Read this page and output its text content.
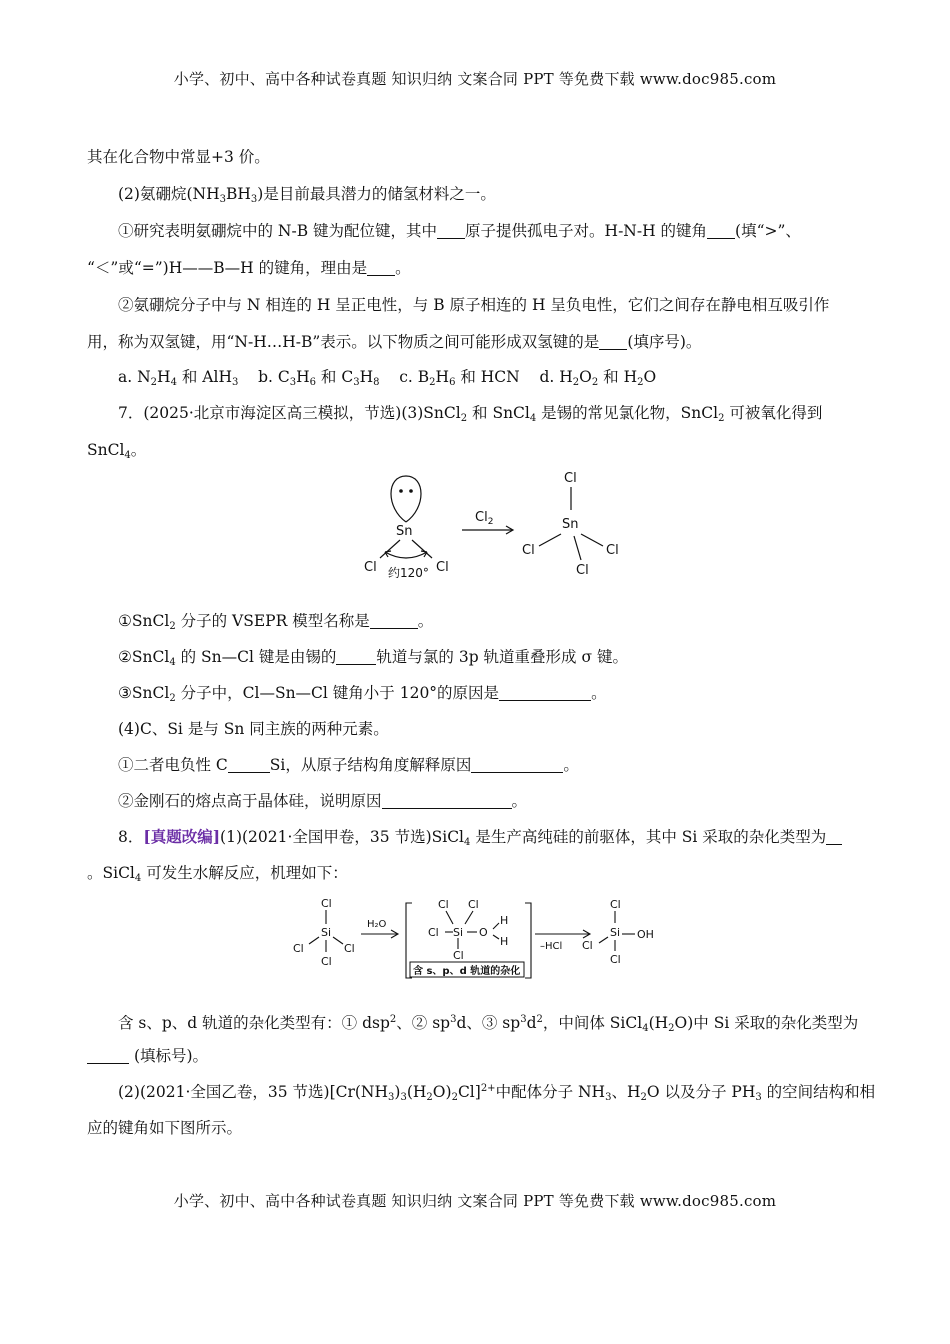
小学、初中、高中各种试卷真题 知识归纳 文案合同 PPT 等免费下载 www.doc985.com
其在化合物中常显+3 价。
(2)氨硼烷$(NH_3BH_3)$是目前最具潜力的储氢材料之一。
①研究表明氨硼烷中的 N-B 键为配位键，其中 原子提供孤电子对。H-N-H 的键角 (填“>”、
“＜”或“=”)H——B—H 的键角，理由是 。
②氨硼烷分子中与 N 相连的 H 呈正电性，与 B 原子相连的 H 呈负电性，它们之间存在静电相互吸引作
用，称为双氢键，用“N-H…H-B”表示。以下物质之间可能形成双氢键的是 (填序号)。
a. $N_2H_4$ 和 AlH$_3$ b. $C_3H_6$ 和 $C_3H_8$ c. $B_2H_6$ 和 HCN d. $H_2O_2$ 和 $H_2O$
7．(2025·北京市海淀区高三模拟，节选)(3)SnCl$_2$ 和 SnCl$_4$ 是锡的常见氯化物，SnCl$_2$ 可被氧化得到
SnCl$_4$。
Sn
Cl	Cl
约120°
$Cl_2$
Cl
Sn
Cl	Cl
Cl
①SnCl$_2$ 分子的 VSEPR 模型名称是	。
②SnCl$_4$ 的 Sn—Cl 键是由锡的	轨道与氯的 3p 轨道重叠形成 σ 键。
③SnCl$_2$ 分子中，Cl—Sn—Cl 键角小于 120°的原因是	。
(4)C、Si 是与 Sn 同主族的两种元素。
①二者电负性 C	Si，从原子结构角度解释原因	。
②金刚石的熔点高于晶体硅，说明原因	。
8．[真题改编](1)(2021·全国甲卷，35 节选)SiCl$_4$ 是生产高纯硅的前驱体，其中 Si 采取的杂化类型为
。SiCl$_4$ 可发生水解反应，机理如下：
Cl
Si
Cl	Cl
Cl
H₂O
Cl Cl
Cl Si O
H
H
Cl
–HCl
Cl
Si
Cl
OH
Cl
含 s、p、d 轨道的杂化
含 s、p、d 轨道的杂化类型有：① dsp$^2$、② $sp^3d$、③ $sp^3d^2$，中间体 $SiCl_4(H_2O)$中 Si 采取的杂化类型为
(填标号)。
(2)(2021·全国乙卷，35 节选)$[Cr(NH_3)_3(H_2O)_2Cl]^{2+}$中配体分子 $NH_3$、$H_2O$ 以及分子 $PH_3$ 的空间结构和相
应的键角如下图所示。
小学、初中、高中各种试卷真题 知识归纳 文案合同 PPT 等免费下载 www.doc985.com
